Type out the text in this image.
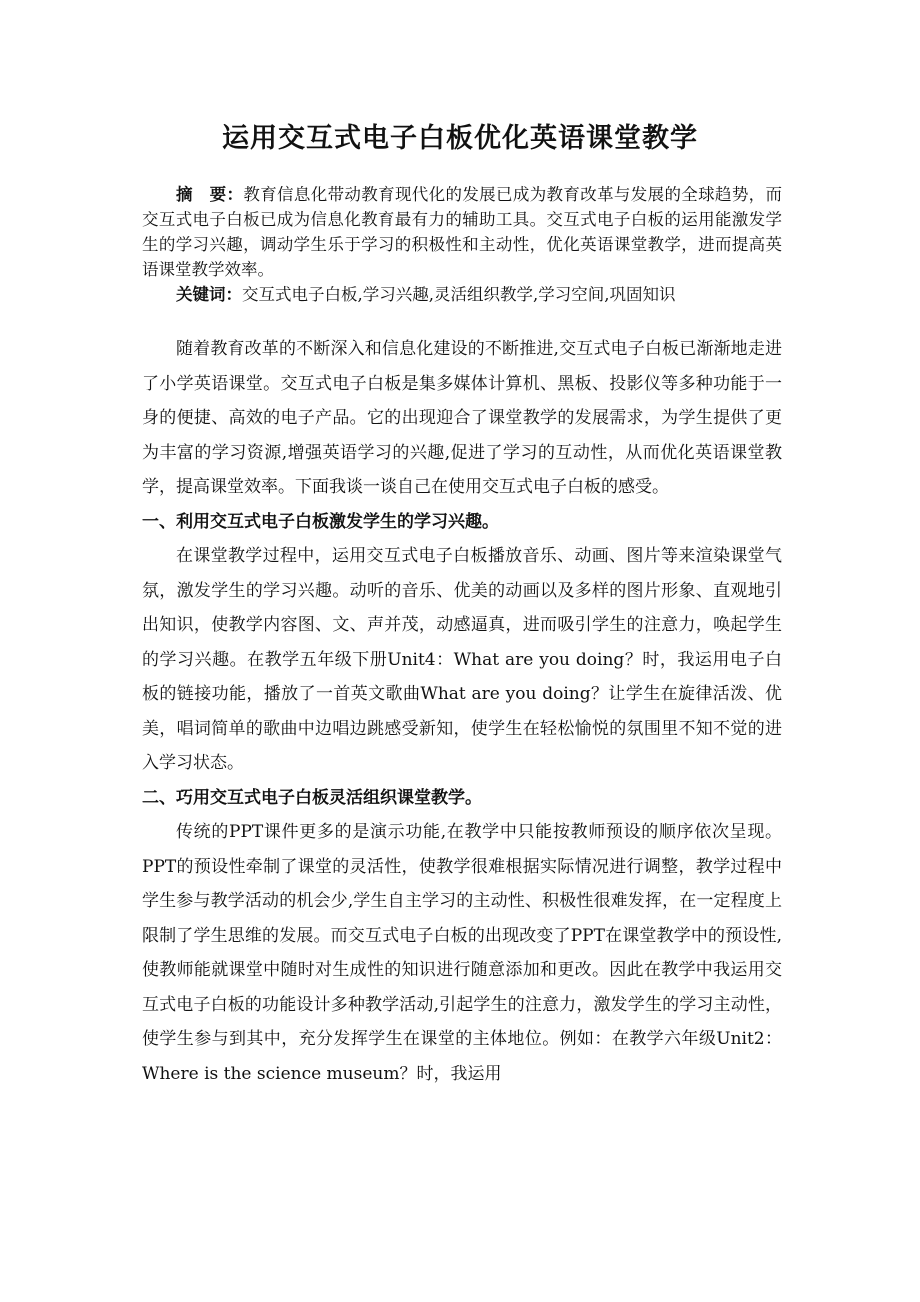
运用交互式电子白板优化英语课堂教学

摘　要：教育信息化带动教育现代化的发展已成为教育改革与发展的全球趋势，而交互式电子白板已成为信息化教育最有力的辅助工具。交互式电子白板的运用能激发学生的学习兴趣，调动学生乐于学习的积极性和主动性，优化英语课堂教学，进而提高英语课堂教学效率。

关键词：交互式电子白板,学习兴趣,灵活组织教学,学习空间,巩固知识

随着教育改革的不断深入和信息化建设的不断推进,交互式电子白板已渐渐地走进了小学英语课堂。交互式电子白板是集多媒体计算机、黑板、投影仪等多种功能于一身的便捷、高效的电子产品。它的出现迎合了课堂教学的发展需求，为学生提供了更为丰富的学习资源,增强英语学习的兴趣,促进了学习的互动性，从而优化英语课堂教学，提高课堂效率。下面我谈一谈自己在使用交互式电子白板的感受。

一、利用交互式电子白板激发学生的学习兴趣。

在课堂教学过程中，运用交互式电子白板播放音乐、动画、图片等来渲染课堂气氛，激发学生的学习兴趣。动听的音乐、优美的动画以及多样的图片形象、直观地引出知识，使教学内容图、文、声并茂，动感逼真，进而吸引学生的注意力，唤起学生的学习兴趣。在教学五年级下册Unit4：What are you doing？时，我运用电子白板的链接功能，播放了一首英文歌曲What are you doing？让学生在旋律活泼、优美，唱词简单的歌曲中边唱边跳感受新知，使学生在轻松愉悦的氛围里不知不觉的进入学习状态。

二、巧用交互式电子白板灵活组织课堂教学。

传统的PPT课件更多的是演示功能,在教学中只能按教师预设的顺序依次呈现。PPT的预设性牵制了课堂的灵活性，使教学很难根据实际情况进行调整，教学过程中学生参与教学活动的机会少,学生自主学习的主动性、积极性很难发挥，在一定程度上限制了学生思维的发展。而交互式电子白板的出现改变了PPT在课堂教学中的预设性,使教师能就课堂中随时对生成性的知识进行随意添加和更改。因此在教学中我运用交互式电子白板的功能设计多种教学活动,引起学生的注意力，激发学生的学习主动性，使学生参与到其中，充分发挥学生在课堂的主体地位。例如：在教学六年级Unit2：Where is the science museum？时，我运用
